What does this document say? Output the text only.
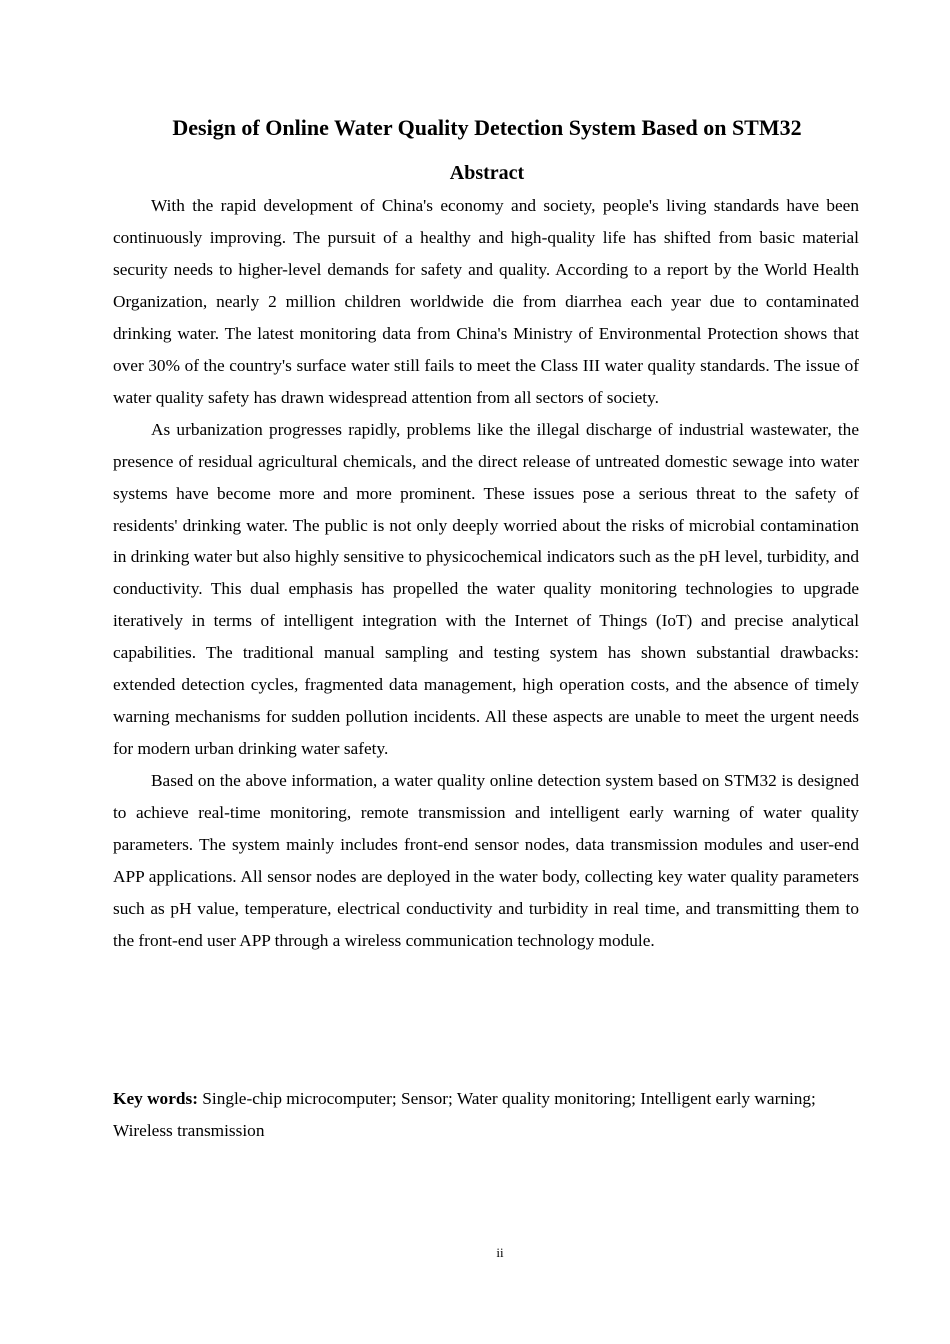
Design of Online Water Quality Detection System Based on STM32
Abstract

With the rapid development of China's economy and society, people's living standards have been continuously improving. The pursuit of a healthy and high-quality life has shifted from basic material security needs to higher-level demands for safety and quality. According to a report by the World Health Organization, nearly 2 million children worldwide die from diarrhea each year due to contaminated drinking water. The latest monitoring data from China's Ministry of Environmental Protection shows that over 30% of the country's surface water still fails to meet the Class III water quality standards. The issue of water quality safety has drawn widespread attention from all sectors of society.

As urbanization progresses rapidly, problems like the illegal discharge of industrial wastewater, the presence of residual agricultural chemicals, and the direct release of untreated domestic sewage into water systems have become more and more prominent. These issues pose a serious threat to the safety of residents' drinking water. The public is not only deeply worried about the risks of microbial contamination in drinking water but also highly sensitive to physicochemical indicators such as the pH level, turbidity, and conductivity. This dual emphasis has propelled the water quality monitoring technologies to upgrade iteratively in terms of intelligent integration with the Internet of Things (IoT) and precise analytical capabilities. The traditional manual sampling and testing system has shown substantial drawbacks: extended detection cycles, fragmented data management, high operation costs, and the absence of timely warning mechanisms for sudden pollution incidents. All these aspects are unable to meet the urgent needs for modern urban drinking water safety.

Based on the above information, a water quality online detection system based on STM32 is designed to achieve real-time monitoring, remote transmission and intelligent early warning of water quality parameters. The system mainly includes front-end sensor nodes, data transmission modules and user-end APP applications. All sensor nodes are deployed in the water body, collecting key water quality parameters such as pH value, temperature, electrical conductivity and turbidity in real time, and transmitting them to the front-end user APP through a wireless communication technology module.

Key words: Single-chip microcomputer; Sensor; Water quality monitoring; Intelligent early warning; Wireless transmission

ii
